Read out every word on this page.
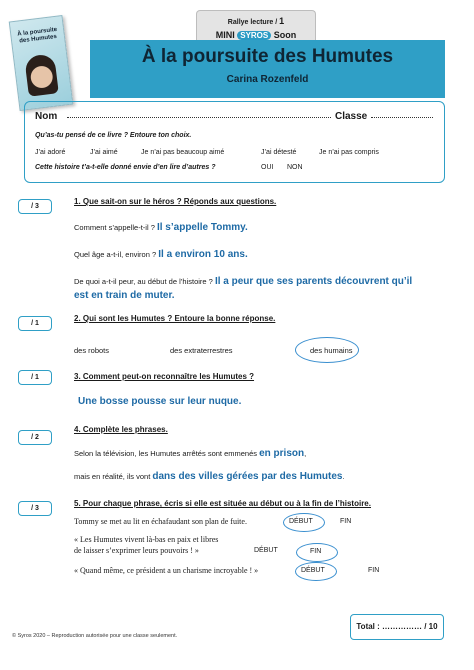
Rallye lecture / 1
MINI SYROS Soon
À la poursuite des Humutes
Carina Rozenfeld
À la poursuite des Humutes
Nom	Classe
Qu’as-tu pensé de ce livre ? Entoure ton choix.
J’ai adoré	J’ai aimé	Je n’ai pas beaucoup aimé	J’ai détesté	Je n’ai pas compris
Cette histoire t’a-t-elle donné envie d’en lire d’autres ?	OUI NON
/ 3
1. Que sait-on sur le héros ? Réponds aux questions.
Comment s’appelle-t-il ? Il s’appelle Tommy.
Quel âge a-t-il, environ ? Il a environ 10 ans.
De quoi a-t-il peur, au début de l’histoire ? Il a peur que ses parents découvrent qu’il
est en train de muter.
/ 1
2. Qui sont les Humutes ? Entoure la bonne réponse.
des robots	des extraterrestres	des humains
/ 1	3. Comment peut-on reconnaître les Humutes ?
Une bosse pousse sur leur nuque.
/ 2
4. Complète les phrases.
Selon la télévision, les Humutes arrêtés sont emmenés en prison,
mais en réalité, ils vont dans des villes gérées par des Humutes.
/ 3
5. Pour chaque phrase, écris si elle est située au début ou à la fin de l’histoire.
Tommy se met au lit en échafaudant son plan de fuite.	DÉBUT	FIN
« Les Humutes vivent là-bas en paix et libres
de laisser s’exprimer leurs pouvoirs ! »	DÉBUT	FIN
« Quand même, ce président a un charisme incroyable ! »	DÉBUT	FIN
Total : …………… / 10
© Syros 2020 – Reproduction autorisée pour une classe seulement.
